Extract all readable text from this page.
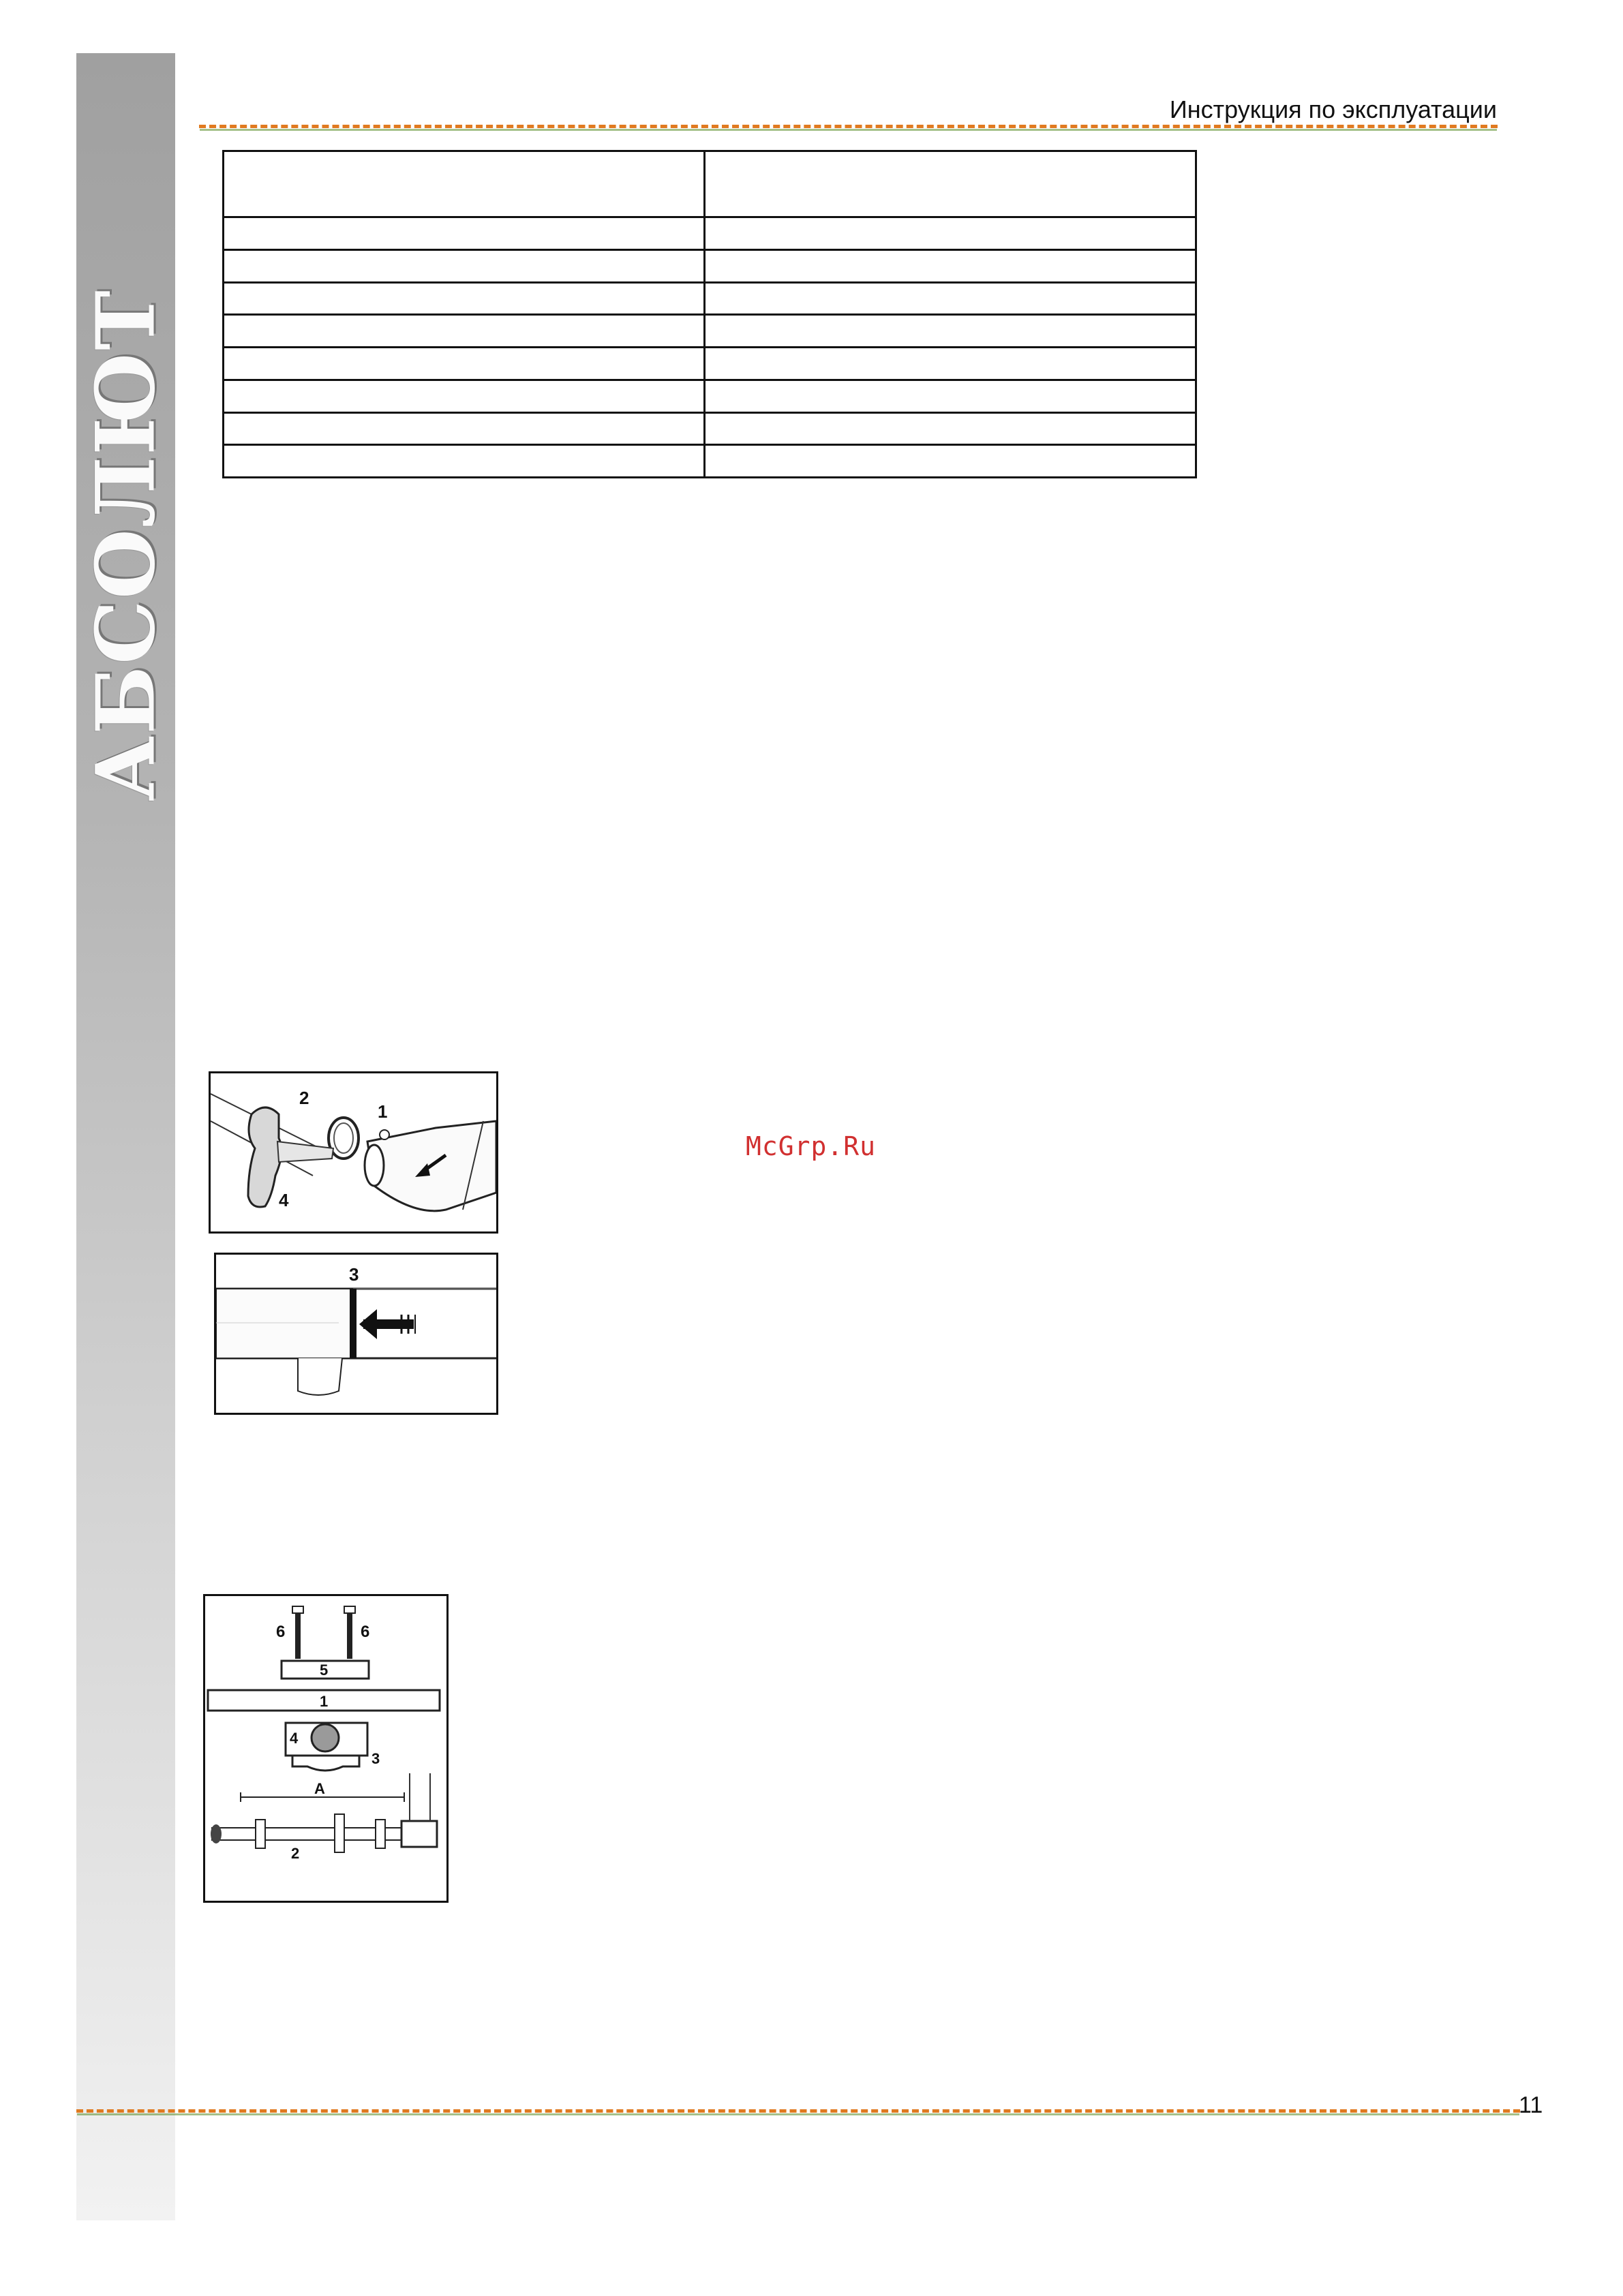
АБСОЛЮТ
Инструкция по эксплуатации

2
1
4
3
6	6
5
1
4
3
A
2
McGrp.Ru
11
